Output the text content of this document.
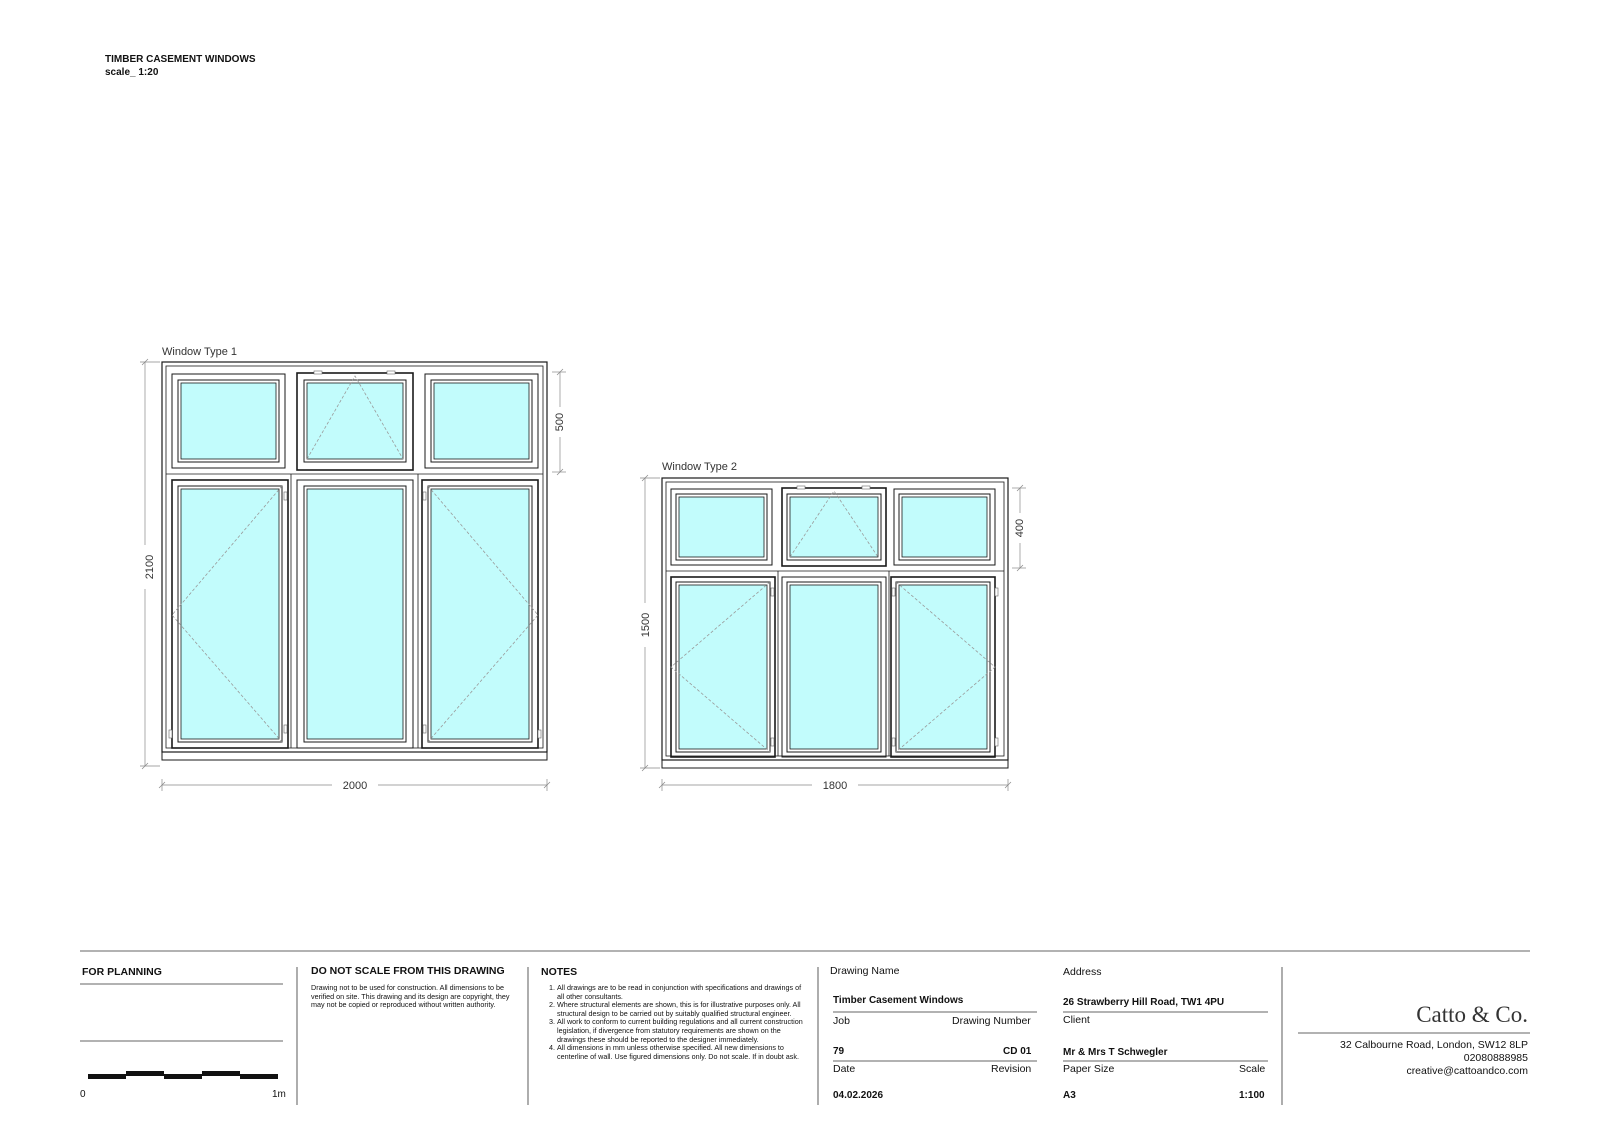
Window Type 1
2100
2000
500
Window Type 2
1500
1800
400
TIMBER CASEMENT WINDOWS
scale_ 1:20
FOR PLANNING
0	1m
DO NOT SCALE FROM THIS DRAWING
Drawing not to be used for construction. All dimensions to be verified on site. This drawing and its design are copyright, they may not be copied or reproduced without written authority.
NOTES
1. All drawings are to be read in conjunction with specifications and drawings of all other consultants.
2. Where structural elements are shown, this is for illustrative purposes only. All structural design to be carried out by suitably qualified structural engineer.
3. All work to conform to current building regulations and all current construction legislation, if divergence from statutory requirements are shown on the drawings these should be reported to the designer immediately.
4. All dimensions in mm unless otherwise specified. All new dimensions to centerline of wall. Use figured dimensions only. Do not scale. If in doubt ask.
Drawing Name
Timber Casement Windows
Job	Drawing Number
79	CD 01
Date	Revision
04.02.2026
Address
26 Strawberry Hill Road, TW1 4PU
Client
Mr & Mrs T Schwegler
Paper Size	Scale
A3	1:100
Catto & Co.
32 Calbourne Road, London, SW12 8LP
02080888985
creative@cattoandco.com
